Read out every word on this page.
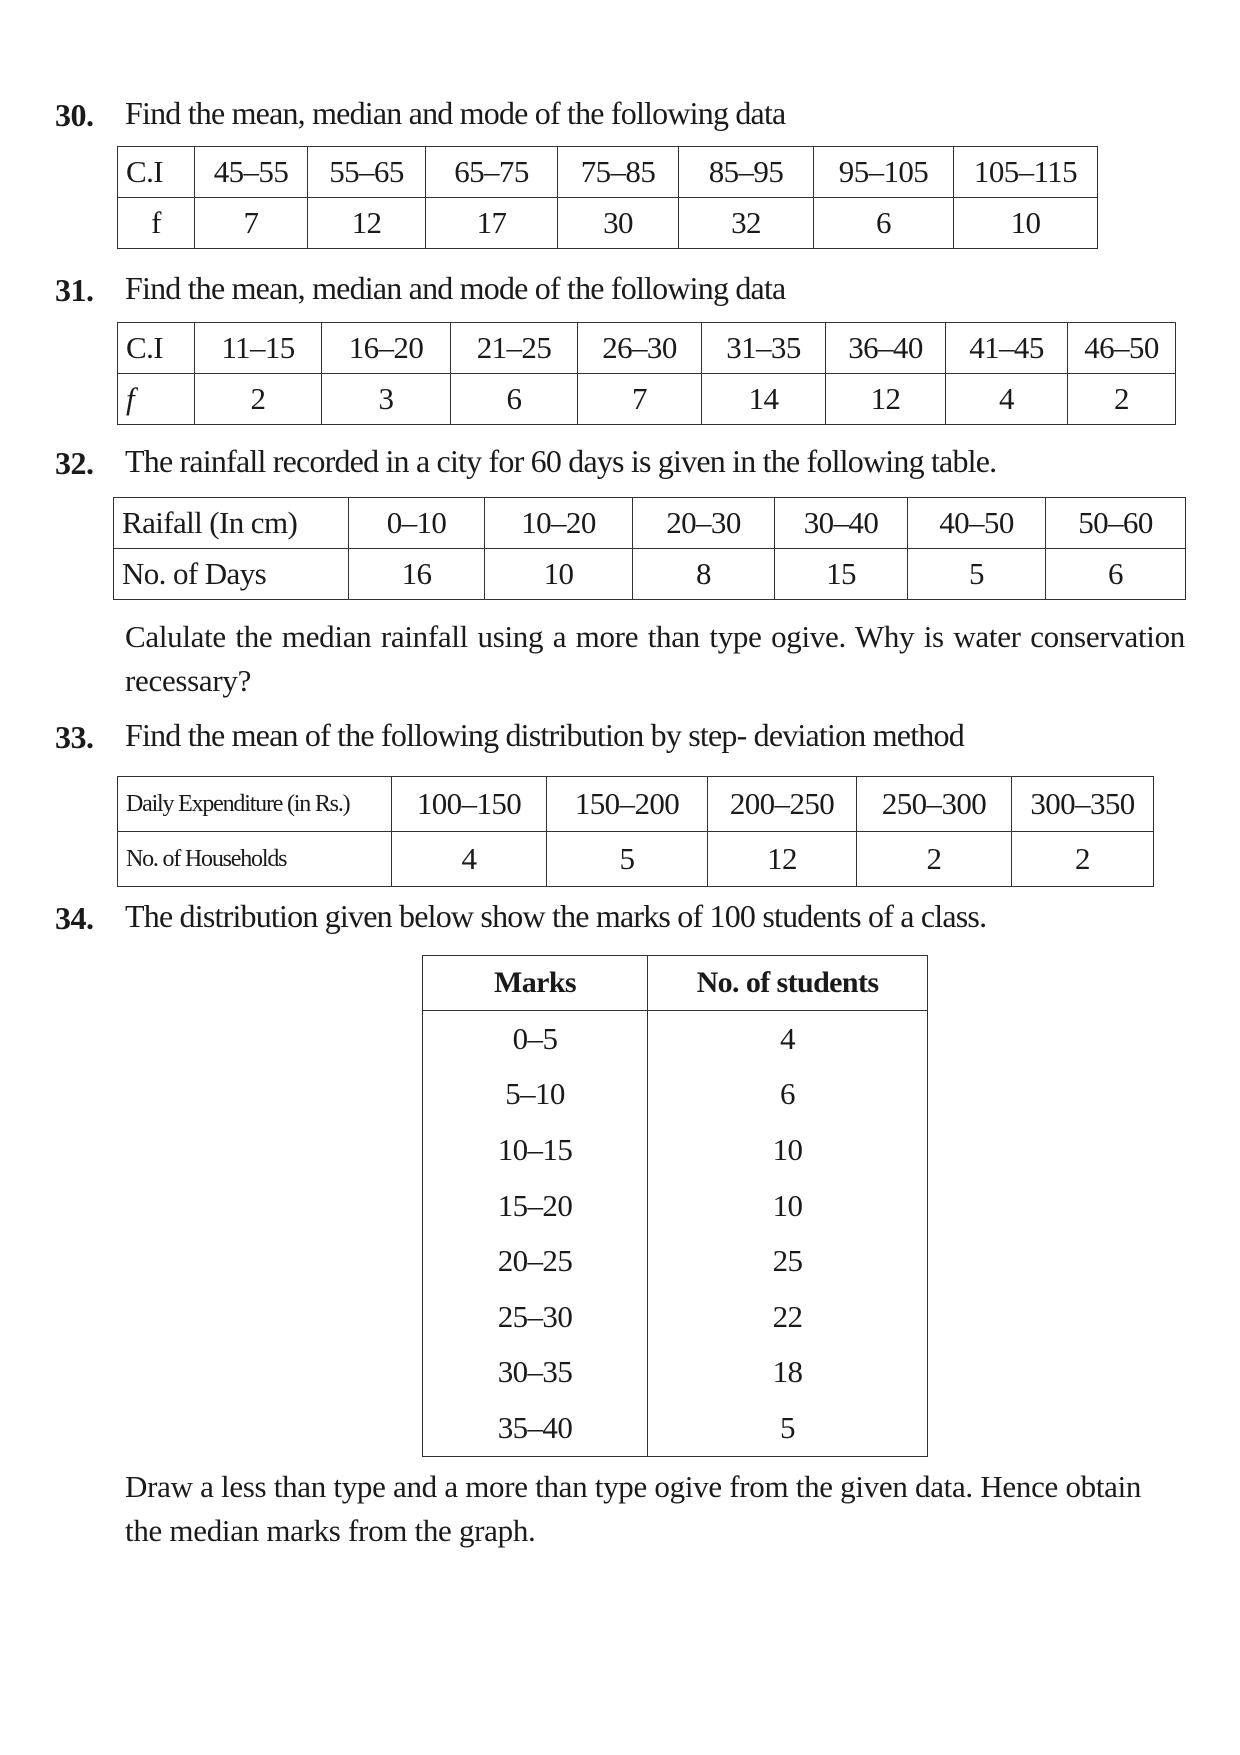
30. Find the mean, median and mode of the following data
C.I	45–55	55–65	65–75	75–85	85–95	95–105	105–115
f	7	12	17	30	32	6	10
31. Find the mean, median and mode of the following data
C.I	11–15	16–20	21–25	26–30	31–35	36–40	41–45	46–50
f	2	3	6	7	14	12	4	2
32. The rainfall recorded in a city for 60 days is given in the following table.
Raifall (In cm)	0–10	10–20	20–30	30–40	40–50	50–60
No. of Days	16	10	8	15	5	6
Calulate the median rainfall using a more than type ogive. Why is water conservation recessary?
33. Find the mean of the following distribution by step- deviation method
Daily Expenditure (in Rs.)	100–150	150–200	200–250	250–300	300–350
No. of Households	4	5	12	2	2
34. The distribution given below show the marks of 100 students of a class.
Marks	No. of students
0–5	4
5–10	6
10–15	10
15–20	10
20–25	25
25–30	22
30–35	18
35–40	5
Draw a less than type and a more than type ogive from the given data. Hence obtain the median marks from the graph.
